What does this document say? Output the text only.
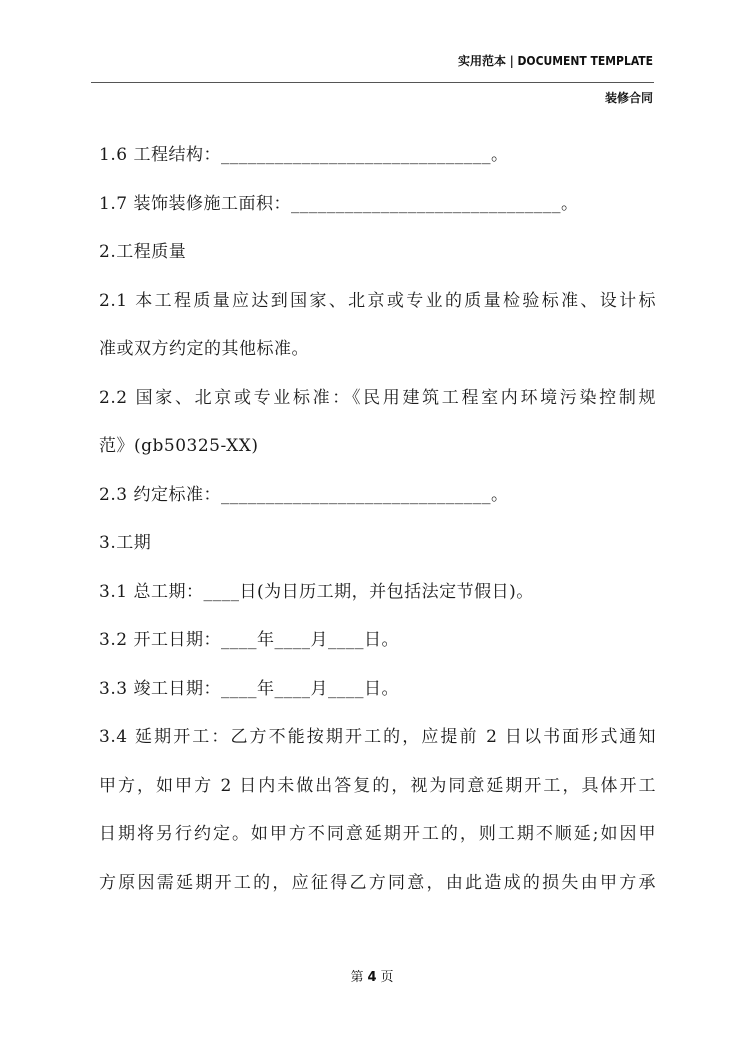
实用范本 | DOCUMENT TEMPLATE
装修合同
1.6 工程结构：______________________________。
1.7 装饰装修施工面积：______________________________。
2.工程质量
2.1 本工程质量应达到国家、北京或专业的质量检验标准、设计标
准或双方约定的其他标准。
2.2 国家、北京或专业标准：《民用建筑工程室内环境污染控制规
范》(gb50325-XX)
2.3 约定标准：______________________________。
3.工期
3.1 总工期：____日(为日历工期，并包括法定节假日)。
3.2 开工日期：____年____月____日。
3.3 竣工日期：____年____月____日。
3.4 延期开工：乙方不能按期开工的，应提前 2 日以书面形式通知
甲方，如甲方 2 日内未做出答复的，视为同意延期开工，具体开工
日期将另行约定。如甲方不同意延期开工的，则工期不顺延;如因甲
方原因需延期开工的，应征得乙方同意，由此造成的损失由甲方承
第 4 页
